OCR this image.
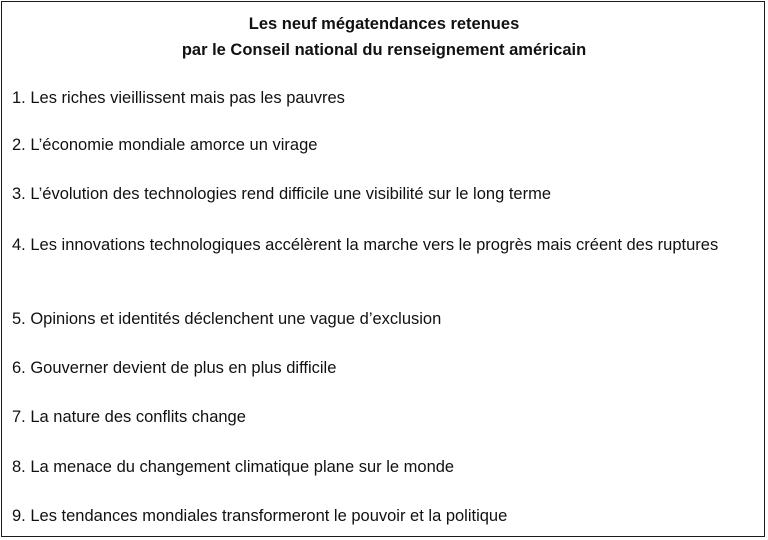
Les neuf mégatendances retenues
par le Conseil national du renseignement américain
1. Les riches vieillissent mais pas les pauvres
2. L’économie mondiale amorce un virage
3. L’évolution des technologies rend difficile une visibilité sur le long terme
4. Les innovations technologiques accélèrent la marche vers le progrès mais créent des ruptures
5. Opinions et identités déclenchent une vague d’exclusion
6. Gouverner devient de plus en plus difficile
7. La nature des conflits change
8. La menace du changement climatique plane sur le monde
9. Les tendances mondiales transformeront le pouvoir et la politique
